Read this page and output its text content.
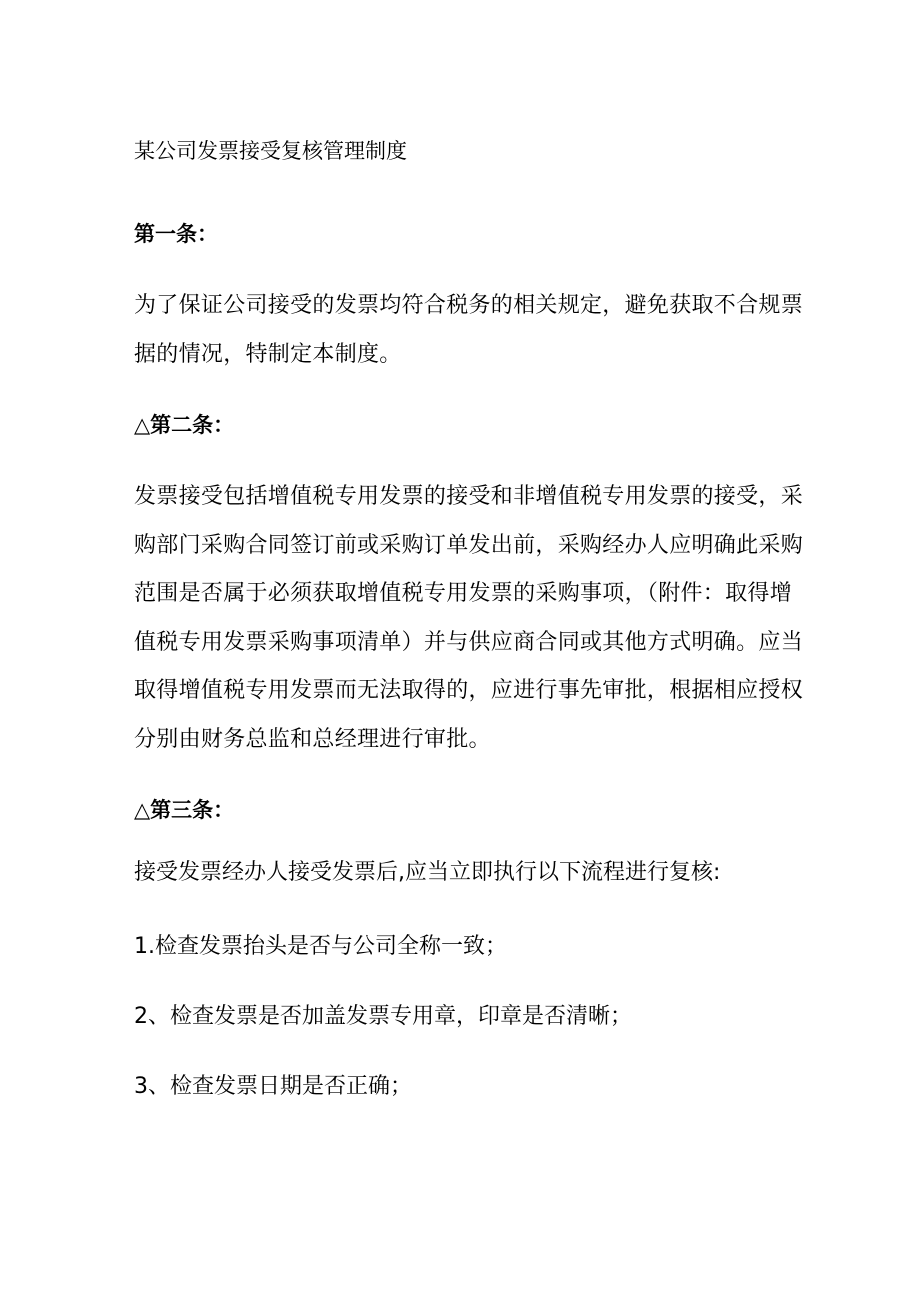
某公司发票接受复核管理制度
第一条：
为了保证公司接受的发票均符合税务的相关规定，避免获取不合规票
据的情况，特制定本制度。
△第二条：
发票接受包括增值税专用发票的接受和非增值税专用发票的接受，采
购部门采购合同签订前或采购订单发出前，采购经办人应明确此采购
范围是否属于必须获取增值税专用发票的采购事项，（附件：取得增
值税专用发票采购事项清单）并与供应商合同或其他方式明确。应当
取得增值税专用发票而无法取得的，应进行事先审批，根据相应授权
分别由财务总监和总经理进行审批。
△第三条：
接受发票经办人接受发票后,应当立即执行以下流程进行复核:
1.检查发票抬头是否与公司全称一致；
2、检查发票是否加盖发票专用章，印章是否清晰；
3、检查发票日期是否正确；
